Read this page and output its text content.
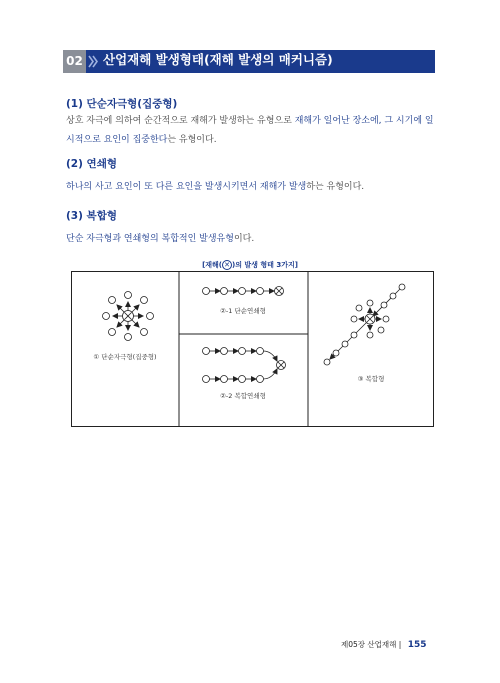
02 산업재해 발생형태(재해 발생의 매커니즘)
(1) 단순자극형(집중형)
상호 자극에 의하여 순간적으로 재해가 발생하는 유형으로 재해가 일어난 장소에, 그 시기에 일
시적으로 요인이 집중한다는 유형이다.
(2) 연쇄형
하나의 사고 요인이 또 다른 요인을 발생시키면서 재해가 발생하는 유형이다.
(3) 복합형
단순 자극형과 연쇄형의 복합적인 발생유형이다.
[재해( ✕ )의 발생 형태 3가지]
① 단순자극형(집중형)
②-1 단순연쇄형
②-2 복합연쇄형
③ 복합형
제05장 산업재해 | 155
